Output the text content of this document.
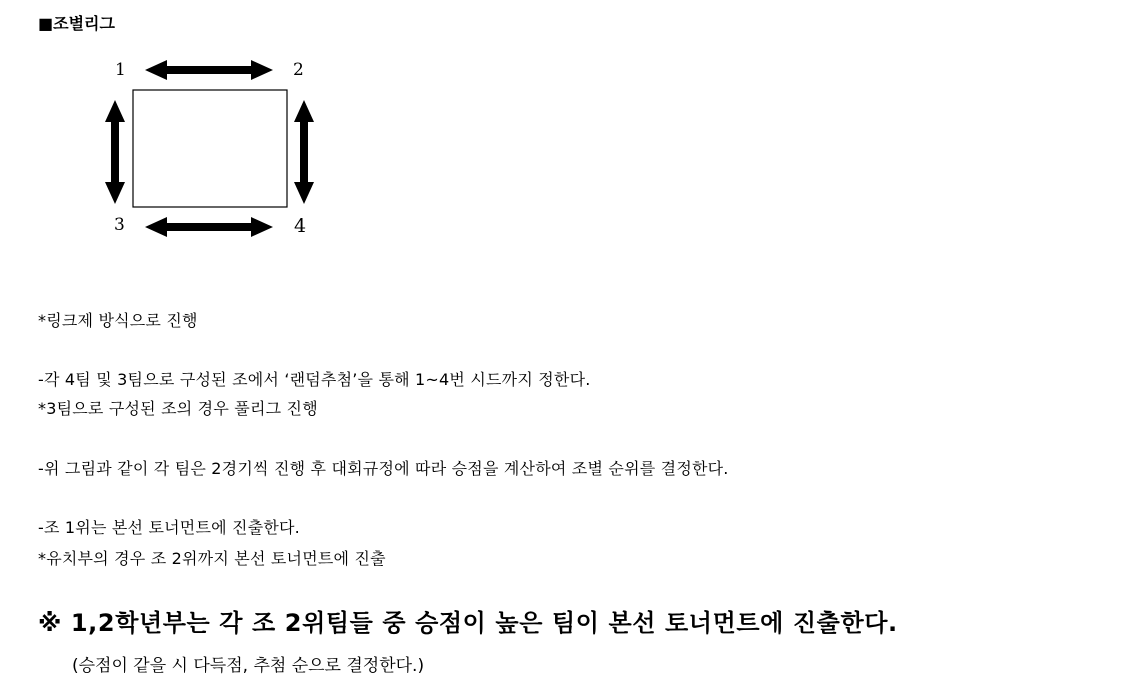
■조별리그
1	2
3	4
*링크제 방식으로 진행
-각 4팀 및 3팀으로 구성된 조에서 ‘랜덤추첨’을 통해 1~4번 시드까지 정한다.
*3팀으로 구성된 조의 경우 풀리그 진행
-위 그림과 같이 각 팀은 2경기씩 진행 후 대회규정에 따라 승점을 계산하여 조별 순위를 결정한다.
-조 1위는 본선 토너먼트에 진출한다.
*유치부의 경우 조 2위까지 본선 토너먼트에 진출
※ 1,2학년부는 각 조 2위팀들 중 승점이 높은 팀이 본선 토너먼트에 진출한다.
(승점이 같을 시 다득점, 추첨 순으로 결정한다.)
